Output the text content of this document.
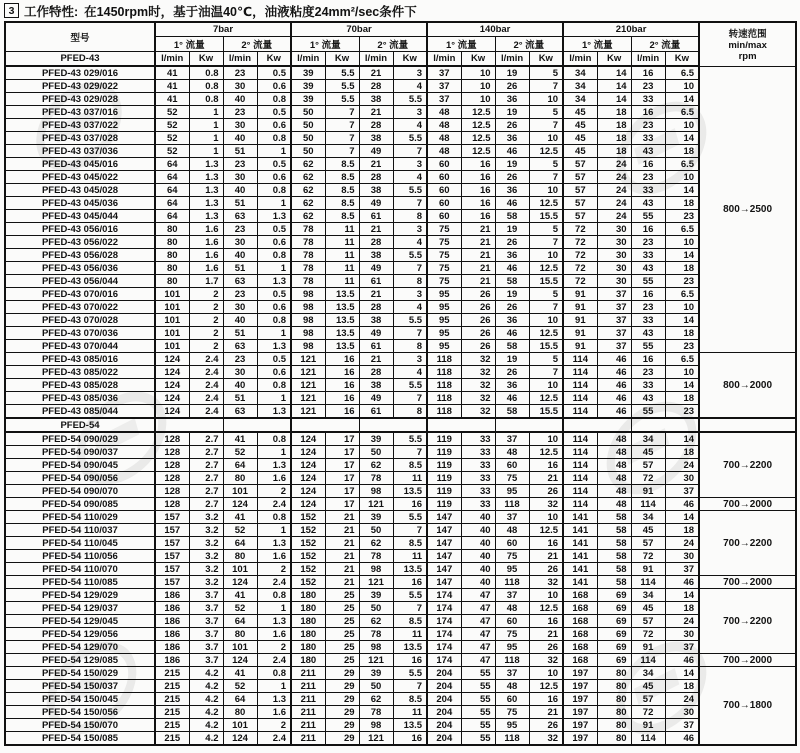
3 工作特性: 在1450rpm时，基于油温40℃，油液粘度24mm²/sec条件下
型号	7bar				70bar				140bar				210bar				转速范围
min/max
rpm

	1° 流量		2° 流量		1° 流量		2° 流量		1° 流量		2° 流量		1° 流量		2° 流量		
PFED-43	l/min	Kw	l/min	Kw	l/min	Kw	l/min	Kw	l/min	Kw	l/min	Kw	l/min	Kw	l/min	Kw	
PFED-43 029/016	41	0.8	23	0.5	39	5.5	21	3	37	10	19	5	34	14	16	6.5	800→2500
PFED-43 029/022	41	0.8	30	0.6	39	5.5	28	4	37	10	26	7	34	14	23	10	
PFED-43 029/028	41	0.8	40	0.8	39	5.5	38	5.5	37	10	36	10	34	14	33	14	
PFED-43 037/016	52	1	23	0.5	50	7	21	3	48	12.5	19	5	45	18	16	6.5	
PFED-43 037/022	52	1	30	0.6	50	7	28	4	48	12.5	26	7	45	18	23	10	
PFED-43 037/028	52	1	40	0.8	50	7	38	5.5	48	12.5	36	10	45	18	33	14	
PFED-43 037/036	52	1	51	1	50	7	49	7	48	12.5	46	12.5	45	18	43	18	
PFED-43 045/016	64	1.3	23	0.5	62	8.5	21	3	60	16	19	5	57	24	16	6.5	
PFED-43 045/022	64	1.3	30	0.6	62	8.5	28	4	60	16	26	7	57	24	23	10	
PFED-43 045/028	64	1.3	40	0.8	62	8.5	38	5.5	60	16	36	10	57	24	33	14	
PFED-43 045/036	64	1.3	51	1	62	8.5	49	7	60	16	46	12.5	57	24	43	18	
PFED-43 045/044	64	1.3	63	1.3	62	8.5	61	8	60	16	58	15.5	57	24	55	23	
PFED-43 056/016	80	1.6	23	0.5	78	11	21	3	75	21	19	5	72	30	16	6.5	
PFED-43 056/022	80	1.6	30	0.6	78	11	28	4	75	21	26	7	72	30	23	10	
PFED-43 056/028	80	1.6	40	0.8	78	11	38	5.5	75	21	36	10	72	30	33	14	
PFED-43 056/036	80	1.6	51	1	78	11	49	7	75	21	46	12.5	72	30	43	18	
PFED-43 056/044	80	1.7	63	1.3	78	11	61	8	75	21	58	15.5	72	30	55	23	
PFED-43 070/016	101	2	23	0.5	98	13.5	21	3	95	26	19	5	91	37	16	6.5	
PFED-43 070/022	101	2	30	0.6	98	13.5	28	4	95	26	26	7	91	37	23	10	
PFED-43 070/028	101	2	40	0.8	98	13.5	38	5.5	95	26	36	10	91	37	33	14	
PFED-43 070/036	101	2	51	1	98	13.5	49	7	95	26	46	12.5	91	37	43	18	
PFED-43 070/044	101	2	63	1.3	98	13.5	61	8	95	26	58	15.5	91	37	55	23	
PFED-43 085/016	124	2.4	23	0.5	121	16	21	3	118	32	19	5	114	46	16	6.5	800→2000
PFED-43 085/022	124	2.4	30	0.6	121	16	28	4	118	32	26	7	114	46	23	10	
PFED-43 085/028	124	2.4	40	0.8	121	16	38	5.5	118	32	36	10	114	46	33	14	
PFED-43 085/036	124	2.4	51	1	121	16	49	7	118	32	46	12.5	114	46	43	18	
PFED-43 085/044	124	2.4	63	1.3	121	16	61	8	118	32	58	15.5	114	46	55	23	
PFED-54																	
PFED-54 090/029	128	2.7	41	0.8	124	17	39	5.5	119	33	37	10	114	48	34	14	700→2200
PFED-54 090/037	128	2.7	52	1	124	17	50	7	119	33	48	12.5	114	48	45	18	
PFED-54 090/045	128	2.7	64	1.3	124	17	62	8.5	119	33	60	16	114	48	57	24	
PFED-54 090/056	128	2.7	80	1.6	124	17	78	11	119	33	75	21	114	48	72	30	
PFED-54 090/070	128	2.7	101	2	124	17	98	13.5	119	33	95	26	114	48	91	37	
PFED-54 090/085	128	2.7	124	2.4	124	17	121	16	119	33	118	32	114	48	114	46	700→2000
PFED-54 110/029	157	3.2	41	0.8	152	21	39	5.5	147	40	37	10	141	58	34	14	700→2200
PFED-54 110/037	157	3.2	52	1	152	21	50	7	147	40	48	12.5	141	58	45	18	
PFED-54 110/045	157	3.2	64	1.3	152	21	62	8.5	147	40	60	16	141	58	57	24	
PFED-54 110/056	157	3.2	80	1.6	152	21	78	11	147	40	75	21	141	58	72	30	
PFED-54 110/070	157	3.2	101	2	152	21	98	13.5	147	40	95	26	141	58	91	37	
PFED-54 110/085	157	3.2	124	2.4	152	21	121	16	147	40	118	32	141	58	114	46	700→2000
PFED-54 129/029	186	3.7	41	0.8	180	25	39	5.5	174	47	37	10	168	69	34	14	700→2200
PFED-54 129/037	186	3.7	52	1	180	25	50	7	174	47	48	12.5	168	69	45	18	
PFED-54 129/045	186	3.7	64	1.3	180	25	62	8.5	174	47	60	16	168	69	57	24	
PFED-54 129/056	186	3.7	80	1.6	180	25	78	11	174	47	75	21	168	69	72	30	
PFED-54 129/070	186	3.7	101	2	180	25	98	13.5	174	47	95	26	168	69	91	37	
PFED-54 129/085	186	3.7	124	2.4	180	25	121	16	174	47	118	32	168	69	114	46	700→2000
PFED-54 150/029	215	4.2	41	0.8	211	29	39	5.5	204	55	37	10	197	80	34	14	700→1800
PFED-54 150/037	215	4.2	52	1	211	29	50	7	204	55	48	12.5	197	80	45	18	
PFED-54 150/045	215	4.2	64	1.3	211	29	62	8.5	204	55	60	16	197	80	57	24	
PFED-54 150/056	215	4.2	80	1.6	211	29	78	11	204	55	75	21	197	80	72	30	
PFED-54 150/070	215	4.2	101	2	211	29	98	13.5	204	55	95	26	197	80	91	37	
PFED-54 150/085	215	4.2	124	2.4	211	29	121	16	204	55	118	32	197	80	114	46	
